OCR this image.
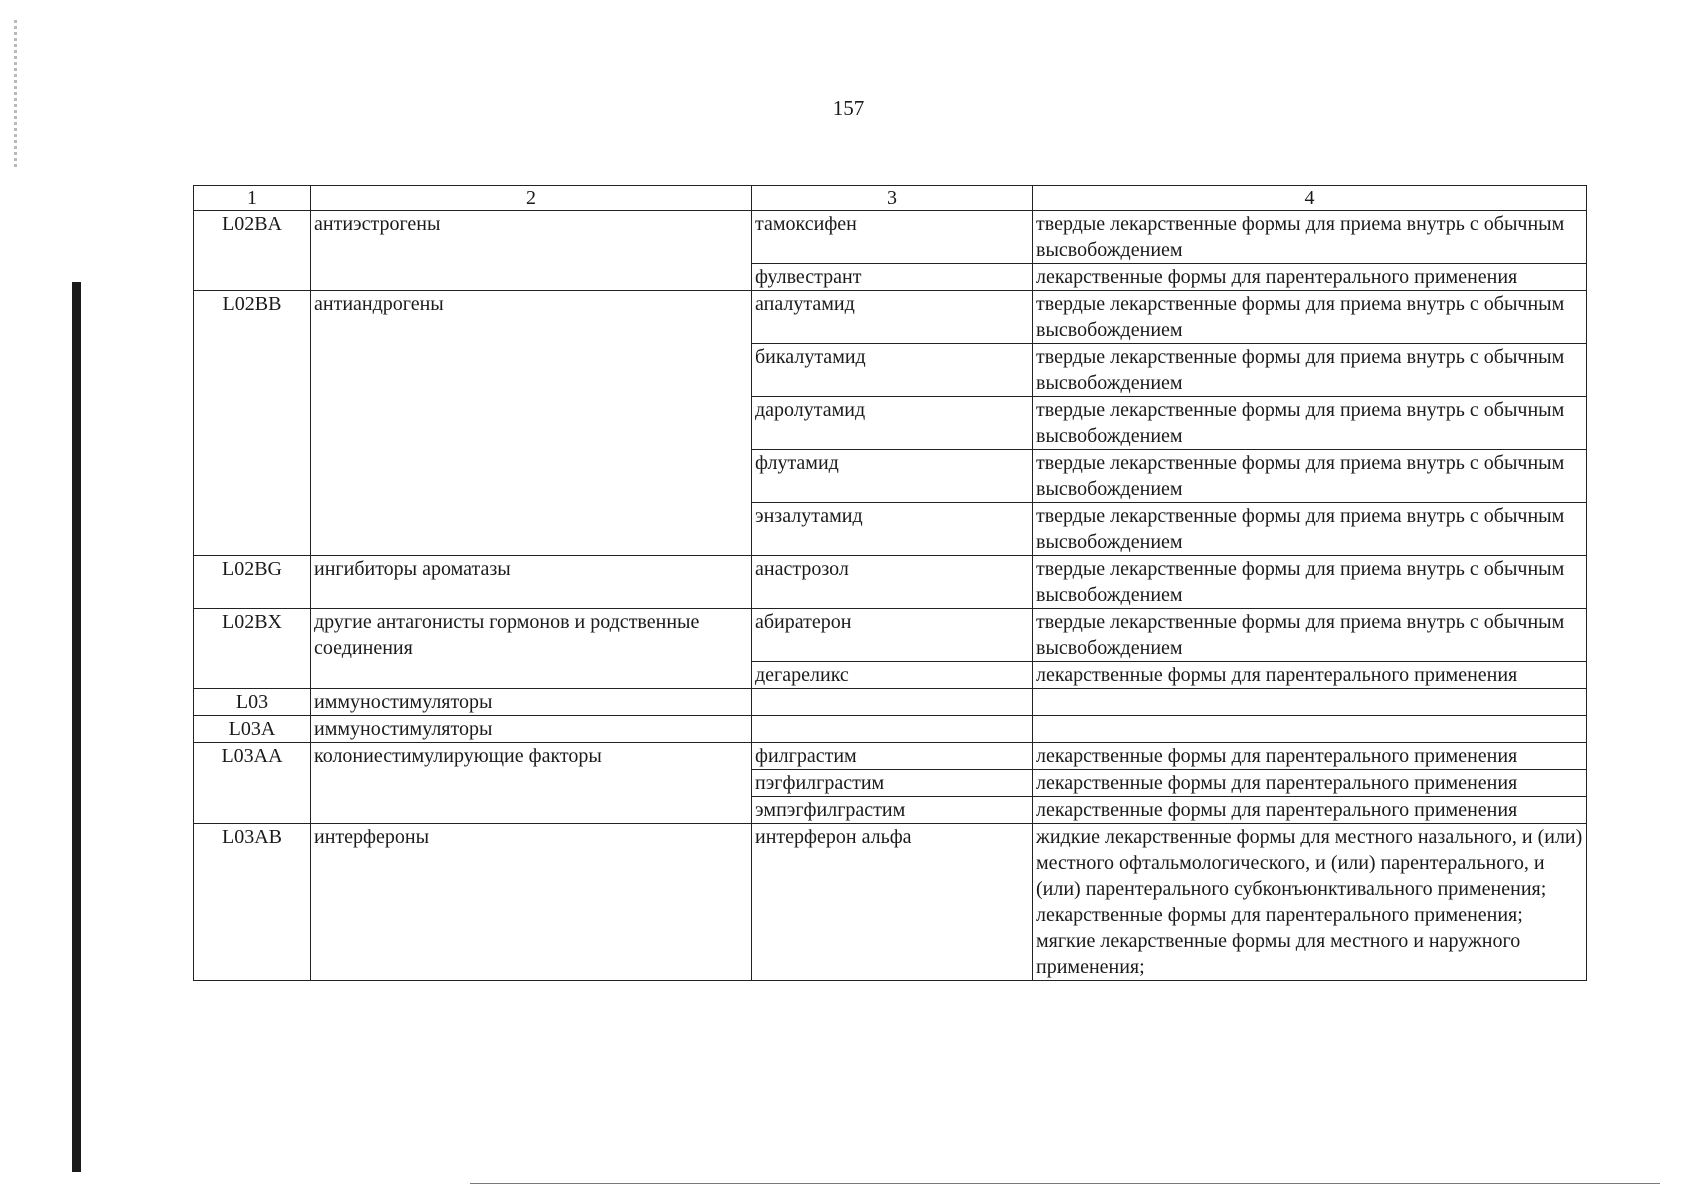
157
1	2	3	4
L02BA	антиэстрогены	тамоксифен	твердые лекарственные формы для приема внутрь с обычным высвобождением
		фулвестрант	лекарственные формы для парентерального применения
L02BB	антиандрогены	апалутамид	твердые лекарственные формы для приема внутрь с обычным высвобождением
		бикалутамид	твердые лекарственные формы для приема внутрь с обычным высвобождением
		даролутамид	твердые лекарственные формы для приема внутрь с обычным высвобождением
		флутамид	твердые лекарственные формы для приема внутрь с обычным высвобождением
		энзалутамид	твердые лекарственные формы для приема внутрь с обычным высвобождением
L02BG	ингибиторы ароматазы	анастрозол	твердые лекарственные формы для приема внутрь с обычным высвобождением
L02BX	другие антагонисты гормонов и родственные соединения	абиратерон	твердые лекарственные формы для приема внутрь с обычным высвобождением
		дегареликс	лекарственные формы для парентерального применения
L03	иммуностимуляторы		
L03A	иммуностимуляторы		
L03AA	колониестимулирующие факторы	филграстим	лекарственные формы для парентерального применения
		пэгфилграстим	лекарственные формы для парентерального применения
		эмпэгфилграстим	лекарственные формы для парентерального применения
L03AB	интерфероны	интерферон альфа	жидкие лекарственные формы для местного назального, и (или) местного офтальмологического, и (или) парентерального, и (или) парентерального субконъюнктивального применения; лекарственные формы для парентерального применения; мягкие лекарственные формы для местного и наружного применения;
